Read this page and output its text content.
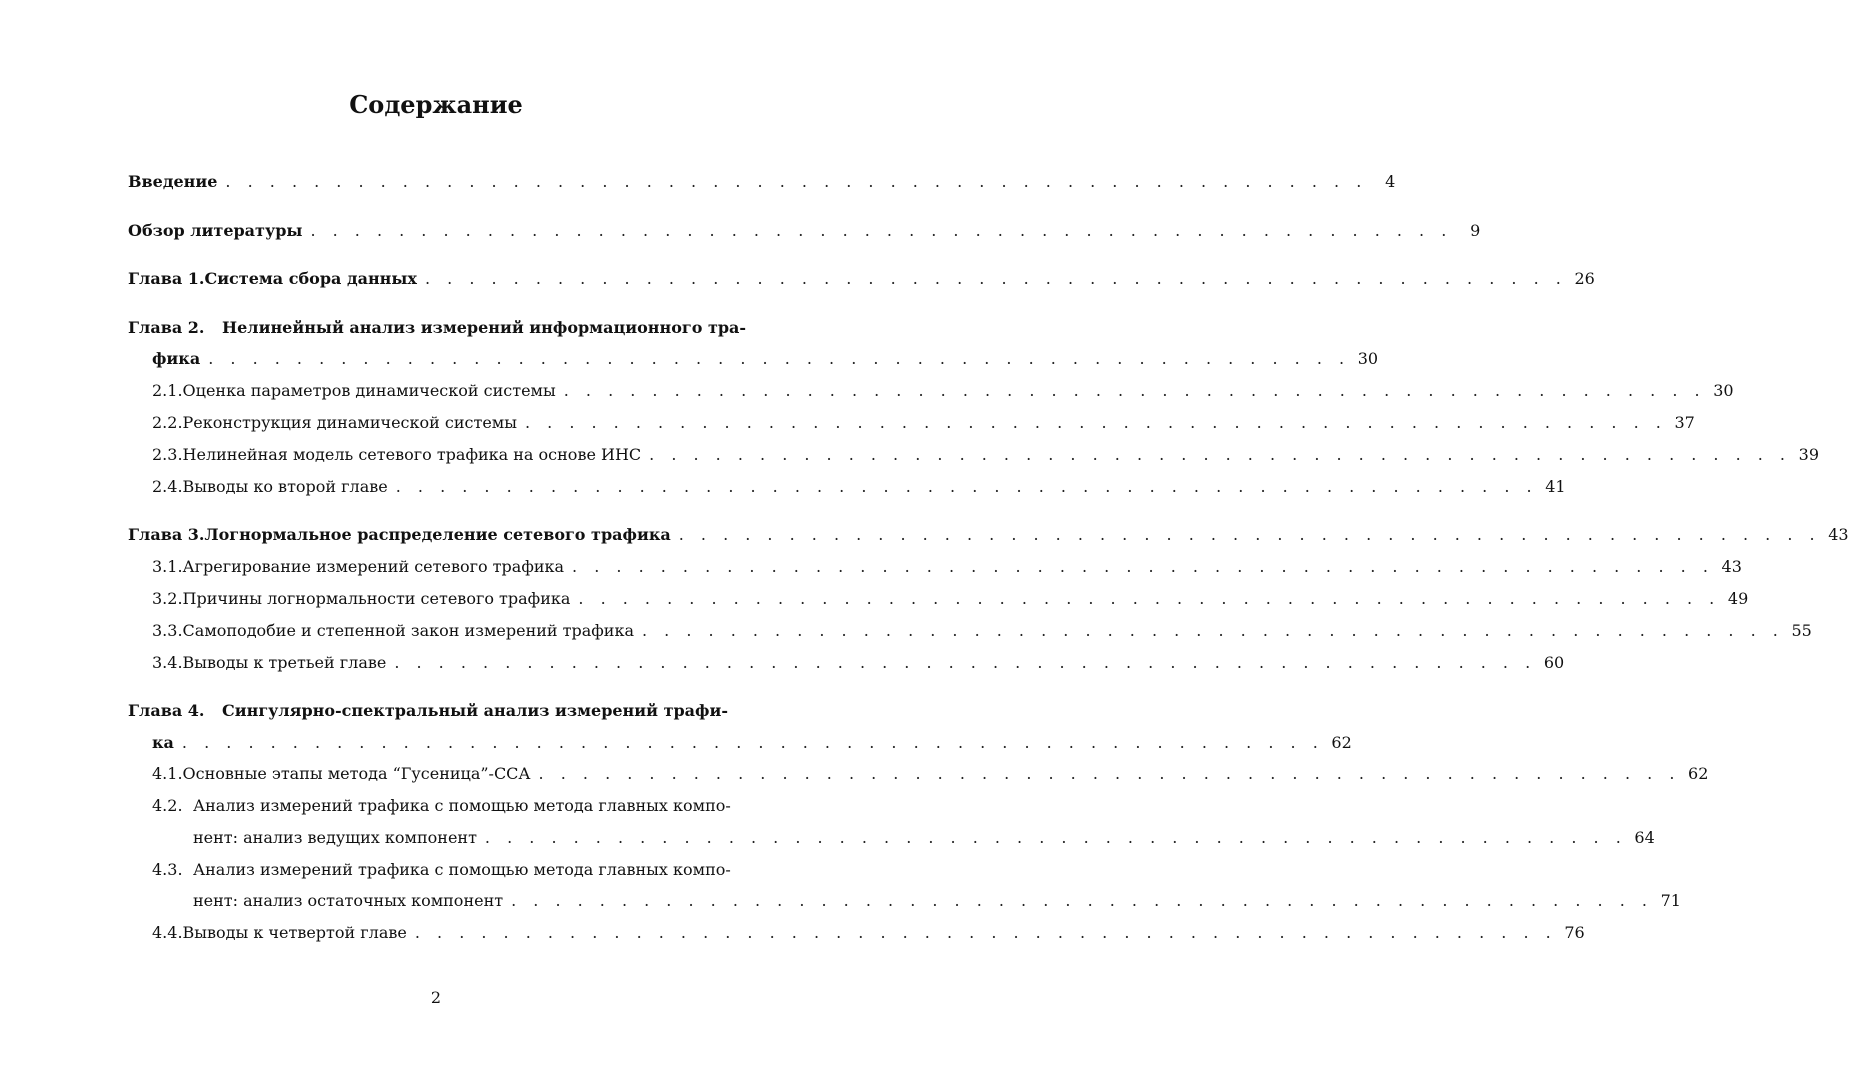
Содержание
Введение . . . . . . . . . . . . . . . . . . . . . . . . . . . . . . . . . . . . . . . . . . . . . . . . . . . .	4
Обзор литературы . . . . . . . . . . . . . . . . . . . . . . . . . . . . . . . . . . . . . . . . . . . . . . . . . . . .	9
Глава 1. Система сбора данных . . . . . . . . . . . . . . . . . . . . . . . . . . . . . . . . . . . . . . . . . . . . . . . . . . . . 26
Глава 2. Нелинейный анализ измерений информационного тра-
фика . . . . . . . . . . . . . . . . . . . . . . . . . . . . . . . . . . . . . . . . . . . . . . . . . . . . 30
2.1. Оценка параметров динамической системы . . . . . . . . . . . . . . . . . . . . . . . . . . . . . . . . . . . . . . . . . . . . . . . . . . . . 30
2.2. Реконструкция динамической системы . . . . . . . . . . . . . . . . . . . . . . . . . . . . . . . . . . . . . . . . . . . . . . . . . . . . 37
2.3. Нелинейная модель сетевого трафика на основе ИНС . . . . . . . . . . . . . . . . . . . . . . . . . . . . . . . . . . . . . . . . . . . . . . . . . . . . 39
2.4. Выводы ко второй главе . . . . . . . . . . . . . . . . . . . . . . . . . . . . . . . . . . . . . . . . . . . . . . . . . . . . 41
Глава 3. Логнормальное распределение сетевого трафика . . . . . . . . . . . . . . . . . . . . . . . . . . . . . . . . . . . . . . . . . . . . . . . . . . . . 43
3.1. Агрегирование измерений сетевого трафика . . . . . . . . . . . . . . . . . . . . . . . . . . . . . . . . . . . . . . . . . . . . . . . . . . . . 43
3.2. Причины логнормальности сетевого трафика . . . . . . . . . . . . . . . . . . . . . . . . . . . . . . . . . . . . . . . . . . . . . . . . . . . . 49
3.3. Самоподобие и степенной закон измерений трафика . . . . . . . . . . . . . . . . . . . . . . . . . . . . . . . . . . . . . . . . . . . . . . . . . . . . 55
3.4. Выводы к третьей главе . . . . . . . . . . . . . . . . . . . . . . . . . . . . . . . . . . . . . . . . . . . . . . . . . . . . 60
Глава 4. Сингулярно-спектральный анализ измерений трафи-
ка . . . . . . . . . . . . . . . . . . . . . . . . . . . . . . . . . . . . . . . . . . . . . . . . . . . . 62
4.1. Основные этапы метода “Гусеница”-ССА . . . . . . . . . . . . . . . . . . . . . . . . . . . . . . . . . . . . . . . . . . . . . . . . . . . . 62
4.2. Анализ измерений трафика с помощью метода главных компо-
нент: анализ ведущих компонент . . . . . . . . . . . . . . . . . . . . . . . . . . . . . . . . . . . . . . . . . . . . . . . . . . . . 64
4.3. Анализ измерений трафика с помощью метода главных компо-
нент: анализ остаточных компонент . . . . . . . . . . . . . . . . . . . . . . . . . . . . . . . . . . . . . . . . . . . . . . . . . . . . 71
4.4. Выводы к четвертой главе . . . . . . . . . . . . . . . . . . . . . . . . . . . . . . . . . . . . . . . . . . . . . . . . . . . . 76
2
